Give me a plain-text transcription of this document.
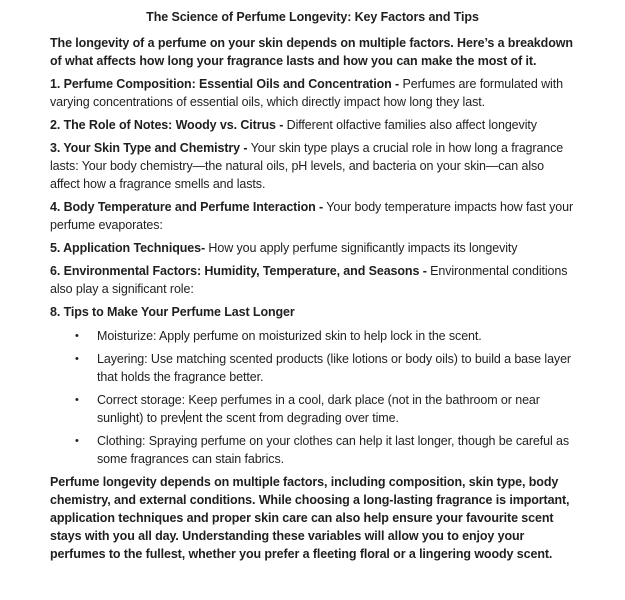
The Science of Perfume Longevity: Key Factors and Tips

The longevity of a perfume on your skin depends on multiple factors. Here’s a breakdown of what affects how long your fragrance lasts and how you can make the most of it.

1. Perfume Composition: Essential Oils and Concentration - Perfumes are formulated with varying concentrations of essential oils, which directly impact how long they last.

2. The Role of Notes: Woody vs. Citrus - Different olfactive families also affect longevity

3. Your Skin Type and Chemistry - Your skin type plays a crucial role in how long a fragrance lasts: Your body chemistry—the natural oils, pH levels, and bacteria on your skin—can also affect how a fragrance smells and lasts.

4. Body Temperature and Perfume Interaction - Your body temperature impacts how fast your perfume evaporates:

5. Application Techniques- How you apply perfume significantly impacts its longevity

6. Environmental Factors: Humidity, Temperature, and Seasons - Environmental conditions also play a significant role:

8. Tips to Make Your Perfume Last Longer

•	Moisturize: Apply perfume on moisturized skin to help lock in the scent.
•	Layering: Use matching scented products (like lotions or body oils) to build a base layer that holds the fragrance better.
•	Correct storage: Keep perfumes in a cool, dark place (not in the bathroom or near sunlight) to prevent the scent from degrading over time.
•	Clothing: Spraying perfume on your clothes can help it last longer, though be careful as some fragrances can stain fabrics.

Perfume longevity depends on multiple factors, including composition, skin type, body chemistry, and external conditions. While choosing a long-lasting fragrance is important, application techniques and proper skin care can also help ensure your favourite scent stays with you all day. Understanding these variables will allow you to enjoy your perfumes to the fullest, whether you prefer a fleeting floral or a lingering woody scent.
